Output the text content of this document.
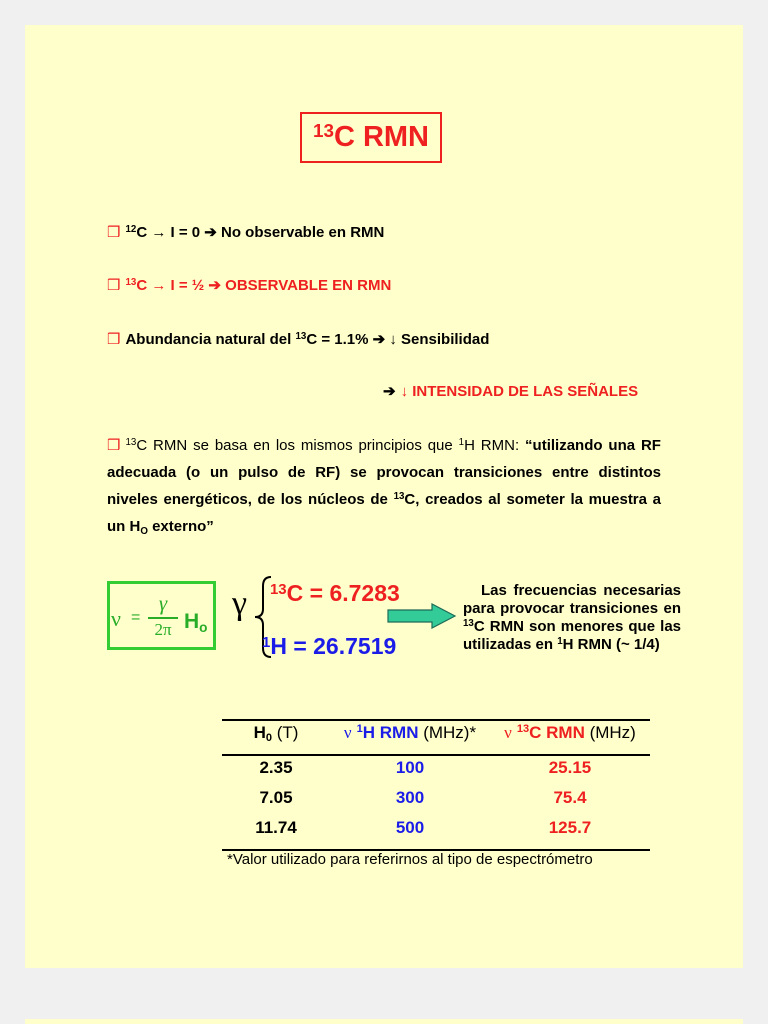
$^{13}$C RMN
❒ $^{12}$C → I = 0 ➔ No observable en RMN
❒ $^{13}$C → I = ½ ➔ OBSERVABLE EN RMN
❒ Abundancia natural del $^{13}$C = 1.1% ➔ ↓ Sensibilidad
➔ ↓ INTENSIDAD DE LAS SEÑALES
❒ $^{13}$C RMN se basa en los mismos principios que $^1$H RMN: “utilizando una RF
adecuada (o un pulso de RF) se provocan transiciones entre distintos
niveles energéticos, de los núcleos de $^{13}$C, creados al someter la muestra a
un HO externo”
ν =
γ
2π Ho
γ $^{13}$C = 6.7283
$^1$H = 26.7519
Las frecuencias necesarias
para provocar transiciones en
$^{13}$C RMN son menores que las
utilizadas en $^1$H RMN (~ 1/4)
H0 (T)	ν $^1$H RMN (MHz)*	ν $^{13}$C RMN (MHz)
2.35	100	25.15
7.05	300	75.4
11.74	500	125.7
*Valor utilizado para referirnos al tipo de espectrómetro
